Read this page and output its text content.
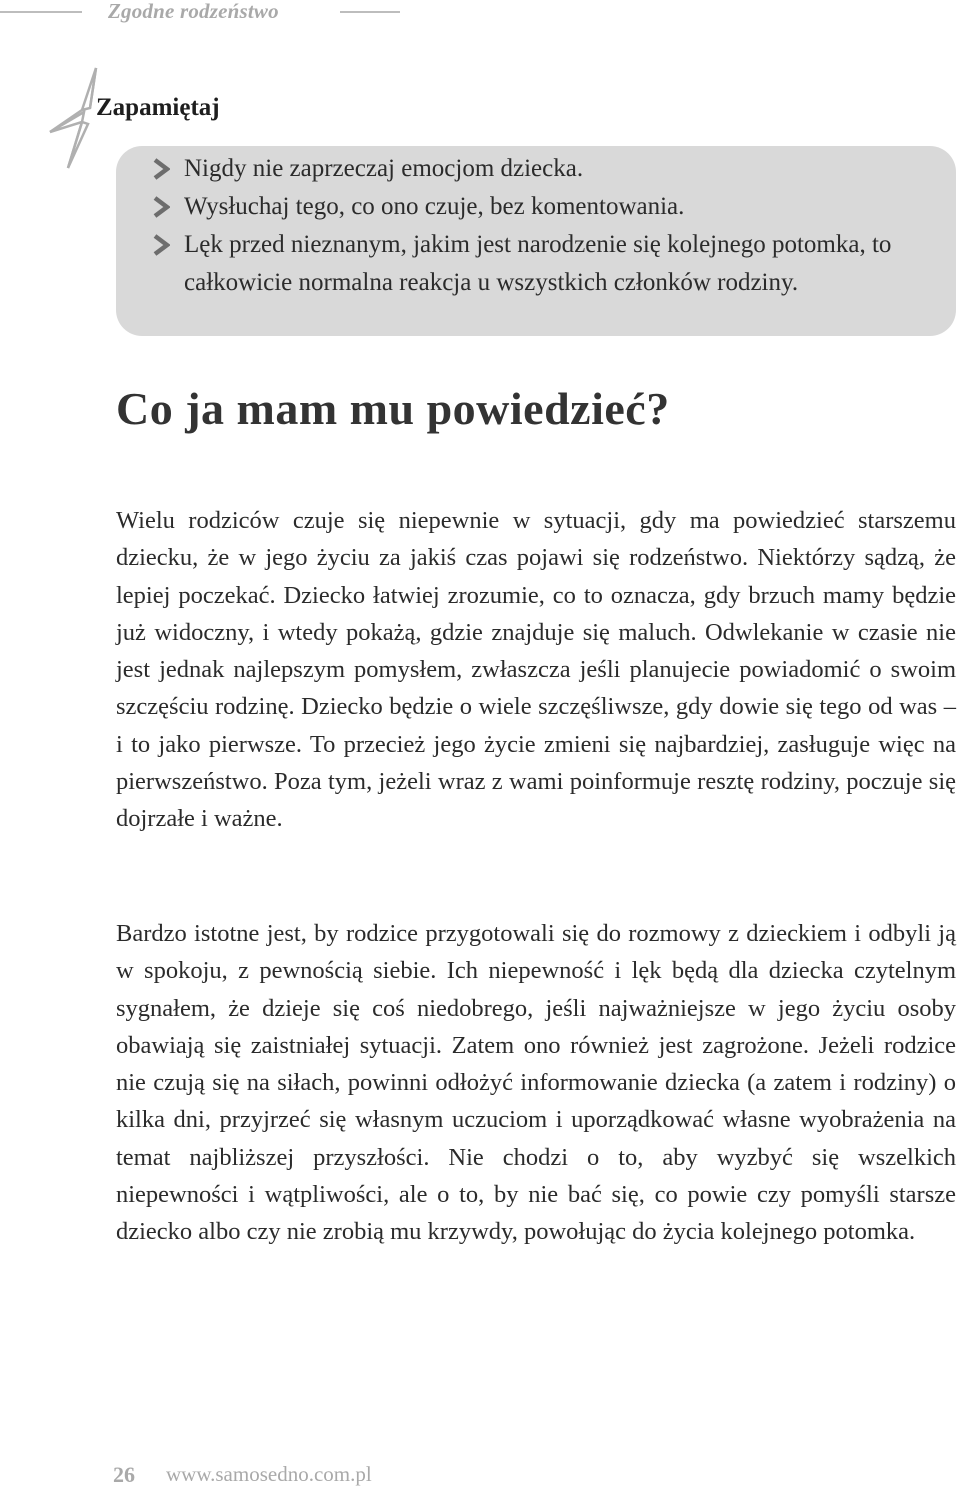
Zgodne rodzeństwo
Zapamiętaj
Nigdy nie zaprzeczaj emocjom dziecka.
Wysłuchaj tego, co ono czuje, bez komentowania.
Lęk przed nieznanym, jakim jest narodzenie się kolejnego potomka, to całkowicie normalna reakcja u wszystkich członków rodziny.
Co ja mam mu powiedzieć?

Wielu rodziców czuje się niepewnie w sytuacji, gdy ma powiedzieć starszemu dziecku, że w jego życiu za jakiś czas pojawi się rodzeństwo. Niektórzy sądzą, że lepiej poczekać. Dziecko łatwiej zrozumie, co to oznacza, gdy brzuch mamy będzie już widoczny, i wtedy pokażą, gdzie znajduje się maluch. Odwlekanie w czasie nie jest jednak najlepszym pomysłem, zwłaszcza jeśli planujecie powiadomić o swoim szczęściu rodzinę. Dziecko będzie o wiele szczęśliwsze, gdy dowie się tego od was – i to jako pierwsze. To przecież jego życie zmieni się najbardziej, zasługuje więc na pierwszeństwo. Poza tym, jeżeli wraz z wami poinformuje resztę rodziny, poczuje się dojrzałe i ważne.

Bardzo istotne jest, by rodzice przygotowali się do rozmowy z dzieckiem i odbyli ją w spokoju, z pewnością siebie. Ich niepewność i lęk będą dla dziecka czytelnym sygnałem, że dzieje się coś niedobrego, jeśli najważniejsze w jego życiu osoby obawiają się zaistniałej sytuacji. Zatem ono również jest zagrożone. Jeżeli rodzice nie czują się na siłach, powinni odłożyć informowanie dziecka (a zatem i rodziny) o kilka dni, przyjrzeć się własnym uczuciom i uporządkować własne wyobrażenia na temat najbliższej przyszłości. Nie chodzi o to, aby wyzbyć się wszelkich niepewności i wątpliwości, ale o to, by nie bać się, co powie czy pomyśli starsze dziecko albo czy nie zrobią mu krzywdy, powołując do życia kolejnego potomka.

26 www.samosedno.com.pl
